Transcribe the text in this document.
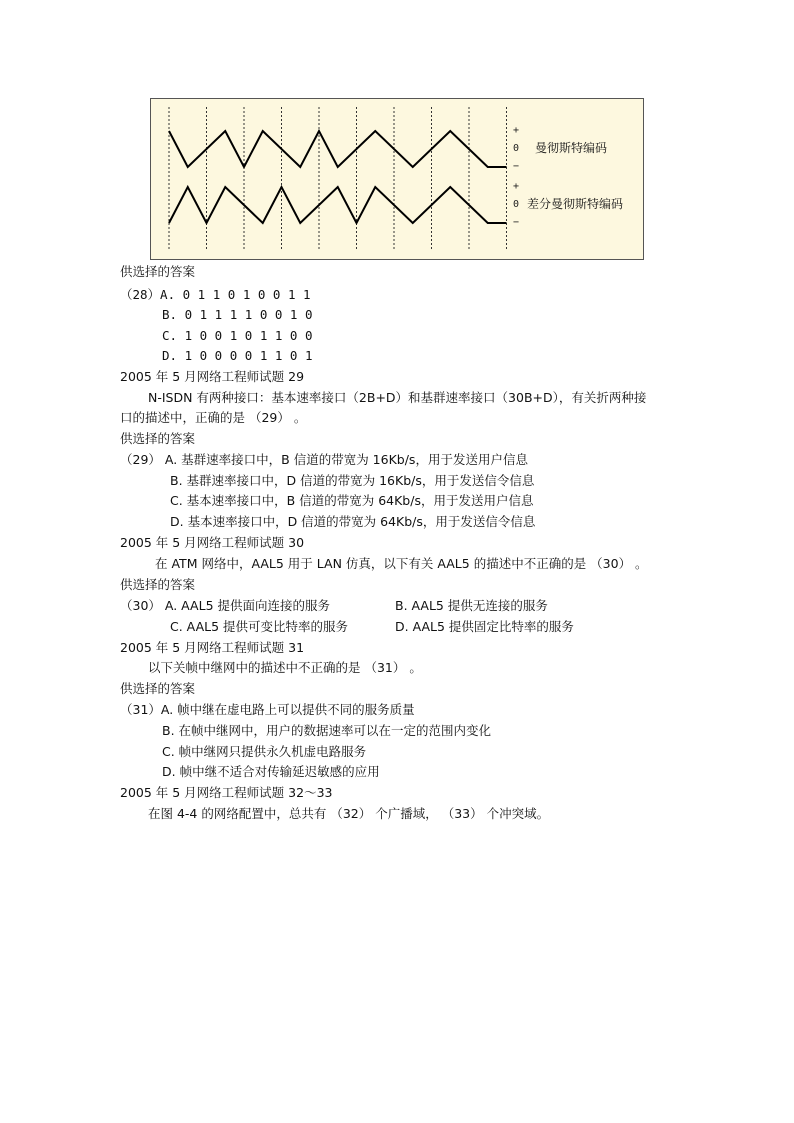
+
0
−
+
0
−
曼彻斯特编码
差分曼彻斯特编码
供选择的答案
（28）A. 0 1 1 0 1 0 0 1 1
B. 0 1 1 1 1 0 0 1 0
C. 1 0 0 1 0 1 1 0 0
D. 1 0 0 0 0 1 1 0 1
2005 年 5 月网络工程师试题 29
N-ISDN 有两种接口：基本速率接口（2B+D）和基群速率接口（30B+D），有关折两种接
口的描述中，正确的是 （29） 。
供选择的答案
（29） A. 基群速率接口中，B 信道的带宽为 16Kb/s，用于发送用户信息
B. 基群速率接口中，D 信道的带宽为 16Kb/s，用于发送信令信息
C. 基本速率接口中，B 信道的带宽为 64Kb/s，用于发送用户信息
D. 基本速率接口中，D 信道的带宽为 64Kb/s，用于发送信令信息
2005 年 5 月网络工程师试题 30
在 ATM 网络中，AAL5 用于 LAN 仿真，以下有关 AAL5 的描述中不正确的是 （30） 。
供选择的答案
（30） A. AAL5 提供面向连接的服务	B. AAL5 提供无连接的服务
C. AAL5 提供可变比特率的服务	D. AAL5 提供固定比特率的服务
2005 年 5 月网络工程师试题 31
以下关帧中继网中的描述中不正确的是 （31） 。
供选择的答案
（31）A. 帧中继在虚电路上可以提供不同的服务质量
B. 在帧中继网中，用户的数据速率可以在一定的范围内变化
C. 帧中继网只提供永久机虚电路服务
D. 帧中继不适合对传输延迟敏感的应用
2005 年 5 月网络工程师试题 32～33
在图 4-4 的网络配置中，总共有 （32） 个广播域， （33） 个冲突域。
